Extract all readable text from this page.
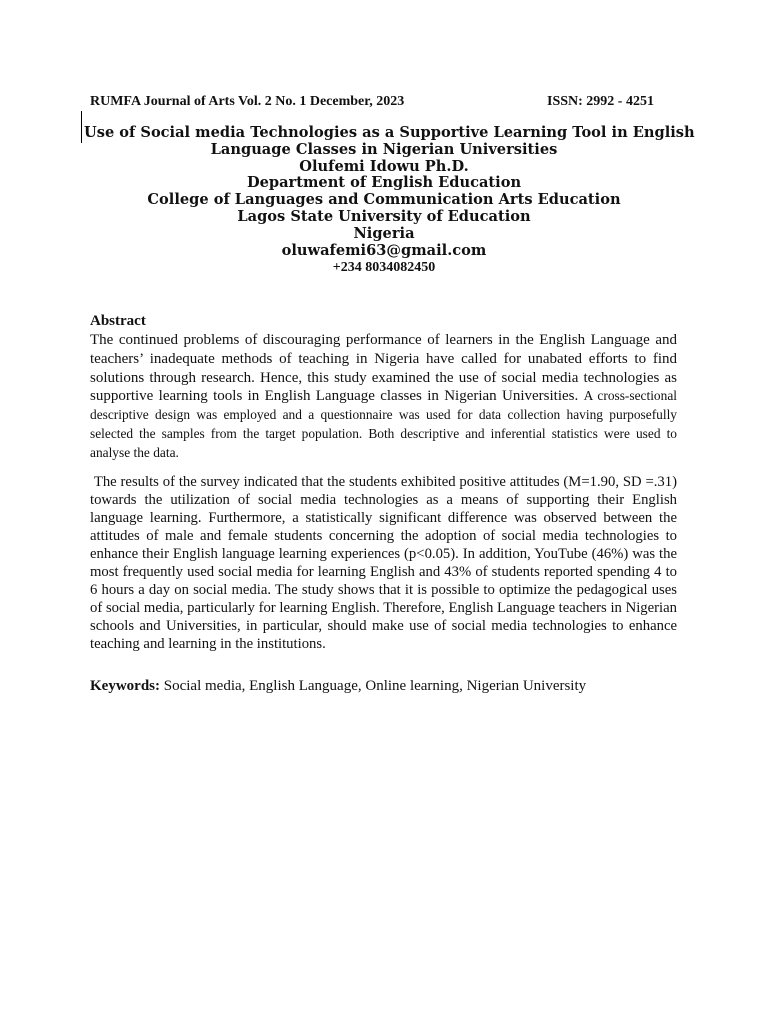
RUMFA Journal of Arts Vol. 2 No. 1 December, 2023	ISSN: 2992 - 4251
Use of Social media Technologies as a Supportive Learning Tool in English
Language Classes in Nigerian Universities
Olufemi Idowu Ph.D.
Department of English Education
College of Languages and Communication Arts Education
Lagos State University of Education
Nigeria
oluwafemi63@gmail.com
+234 8034082450
Abstract

The continued problems of discouraging performance of learners in the English Language and teachers’ inadequate methods of teaching in Nigeria have called for unabated efforts to find solutions through research. Hence, this study examined the use of social media technologies as supportive learning tools in English Language classes in Nigerian Universities. A cross-sectional descriptive design was employed and a questionnaire was used for data collection having purposefully selected the samples from the target population. Both descriptive and inferential statistics were used to analyse the data.

The results of the survey indicated that the students exhibited positive attitudes (M=1.90, SD =.31) towards the utilization of social media technologies as a means of supporting their English language learning. Furthermore, a statistically significant difference was observed between the attitudes of male and female students concerning the adoption of social media technologies to enhance their English language learning experiences (p<0.05). In addition, YouTube (46%) was the most frequently used social media for learning English and 43% of students reported spending 4 to 6 hours a day on social media. The study shows that it is possible to optimize the pedagogical uses of social media, particularly for learning English. Therefore, English Language teachers in Nigerian schools and Universities, in particular, should make use of social media technologies to enhance teaching and learning in the institutions.

Keywords: Social media, English Language, Online learning, Nigerian University
